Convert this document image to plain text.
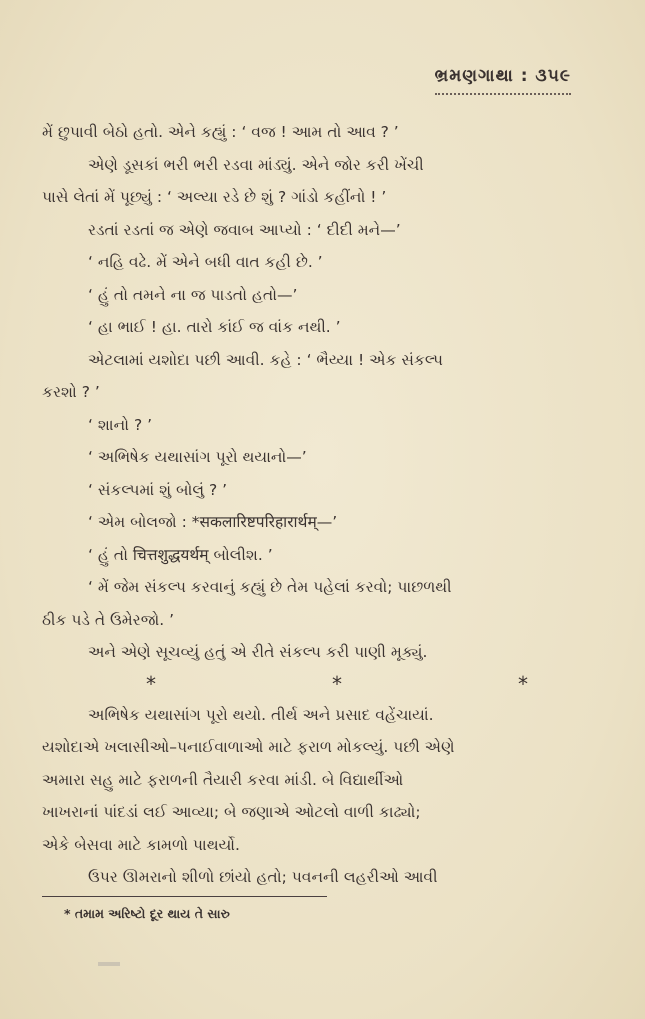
ભ્રમણગાથા : ૩૫૯
મેં છુપાવી બેઠો હતો. એને કહ્યું : ‘ વજ ! આમ તો આવ ? ’
એણે ડૂસકાં ભરી ભરી રડવા માંડ્યું. એને જોર કરી ખેંચી
પાસે લેતાં મેં પૂછ્યું : ‘ અલ્યા રડે છે શું ? ગાંડો કહીંનો ! ’
રડતાં રડતાં જ એણે જવાબ આપ્યો : ‘ દીદી મને—’
‘ નહિ વઢે. મેં એને બધી વાત કહી છે. ’
‘ હું તો તમને ના જ પાડતો હતો—’
‘ હા ભાઈ ! હા. તારો કાંઈ જ વાંક નથી. ’
એટલામાં યશોદા પછી આવી. કહે : ‘ ભૈય્યા ! એક સંકલ્પ
કરશો ? ’
‘ શાનો ? ’
‘ અભિષેક યથાસાંગ પૂરો થયાનો—’
‘ સંકલ્પમાં શું બોલું ? ’
‘ એમ બોલજો : *सकलारिष्टपरिहारार्थम्—’
‘ હું તો चित्तशुद्धयर्थम् બોલીશ. ’
‘ મેં જેમ સંકલ્પ કરવાનું કહ્યું છે તેમ પહેલાં કરવો; પાછળથી
ઠીક પડે તે ઉમેરજો. ’
અને એણે સૂચવ્યું હતું એ રીતે સંકલ્પ કરી પાણી મૂક્યું.
*	*	*
અભિષેક યથાસાંગ પૂરો થયો. તીર્થ અને પ્રસાદ વહેંચાયાં.
યશોદાએ ખલાસીઓ–પનાઈવાળાઓ માટે ફરાળ મોકલ્યું. પછી એણે
અમારા સહુ માટે ફરાળની તૈયારી કરવા માંડી. બે વિદ્યાર્થીઓ
ખાખરાનાં પાંદડાં લઈ આવ્યા; બે જણાએ ઓટલો વાળી કાઢ્યો;
એકે બેસવા માટે કામળો પાથર્યો.
ઉપર ઊમરાનો શીળો છાંયો હતો; પવનની લહરીઓ આવી
* તમામ અરિષ્ટો દૂર થાય તે સારુ
